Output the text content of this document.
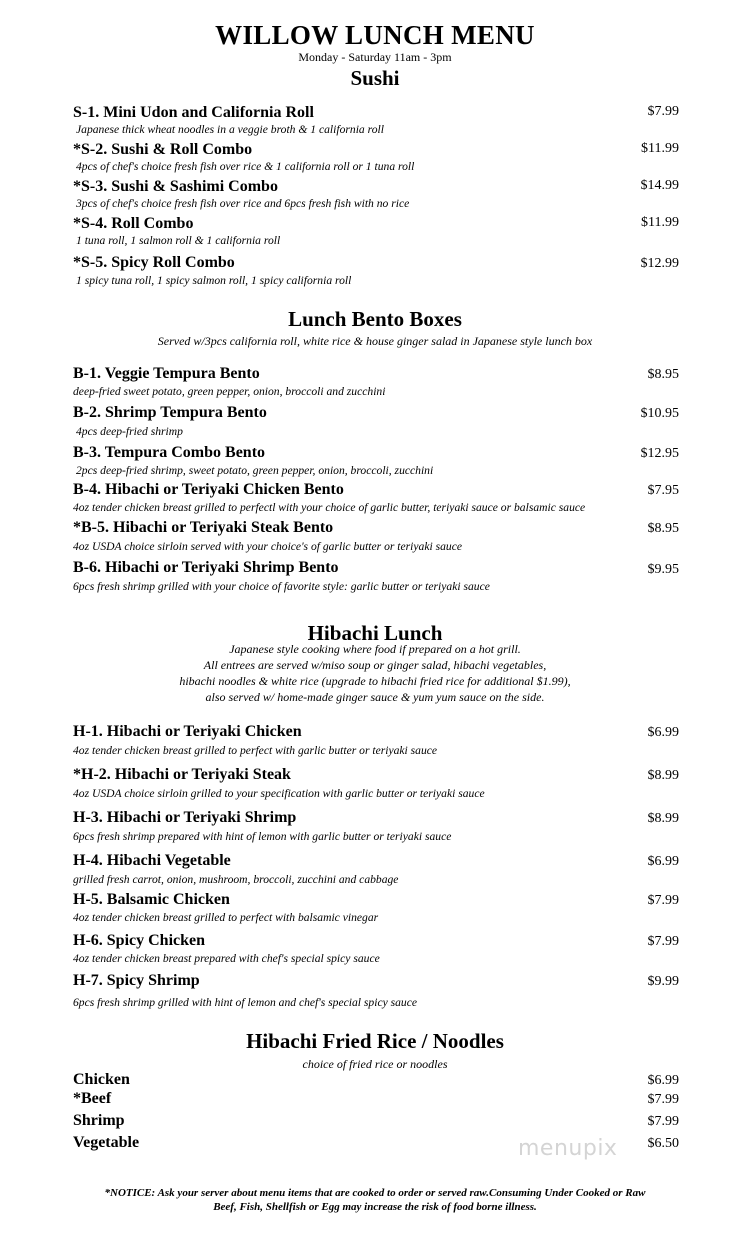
WILLOW LUNCH MENU
Monday - Saturday 11am - 3pm
Sushi
S-1. Mini Udon and California Roll	$7.99
Japanese thick wheat noodles in a veggie broth & 1 california roll
*S-2. Sushi & Roll Combo	$11.99
4pcs of chef's choice fresh fish over rice & 1 california roll or 1 tuna roll
*S-3. Sushi & Sashimi Combo	$14.99
3pcs of chef's choice fresh fish over rice and 6pcs fresh fish with no rice
*S-4. Roll Combo	$11.99
1 tuna roll, 1 salmon roll & 1 california roll
*S-5. Spicy Roll Combo	$12.99
1 spicy tuna roll, 1 spicy salmon roll, 1 spicy california roll
Lunch Bento Boxes
Served w/3pcs california roll, white rice & house ginger salad in Japanese style lunch box
B-1. Veggie Tempura Bento	$8.95
deep-fried sweet potato, green pepper, onion, broccoli and zucchini
B-2. Shrimp Tempura Bento	$10.95
4pcs deep-fried shrimp
B-3. Tempura Combo Bento	$12.95
2pcs deep-fried shrimp, sweet potato, green pepper, onion, broccoli, zucchini
B-4. Hibachi or Teriyaki Chicken Bento	$7.95
4oz tender chicken breast grilled to perfectl with your choice of garlic butter, teriyaki sauce or balsamic sauce
*B-5. Hibachi or Teriyaki Steak Bento	$8.95
4oz USDA choice sirloin served with your choice's of garlic butter or teriyaki sauce
B-6. Hibachi or Teriyaki Shrimp Bento	$9.95
6pcs fresh shrimp grilled with your choice of favorite style: garlic butter or teriyaki sauce
Hibachi Lunch
Japanese style cooking where food if prepared on a hot grill.
All entrees are served w/miso soup or ginger salad, hibachi vegetables,
hibachi noodles & white rice (upgrade to hibachi fried rice for additional $1.99),
also served w/ home-made ginger sauce & yum yum sauce on the side.
H-1. Hibachi or Teriyaki Chicken	$6.99
4oz tender chicken breast grilled to perfect with garlic butter or teriyaki sauce
*H-2. Hibachi or Teriyaki Steak	$8.99
4oz USDA choice sirloin grilled to your specification with garlic butter or teriyaki sauce
H-3. Hibachi or Teriyaki Shrimp	$8.99
6pcs fresh shrimp prepared with hint of lemon with garlic butter or teriyaki sauce
H-4. Hibachi Vegetable	$6.99
grilled fresh carrot, onion, mushroom, broccoli, zucchini and cabbage
H-5. Balsamic Chicken	$7.99
4oz tender chicken breast grilled to perfect with balsamic vinegar
H-6. Spicy Chicken	$7.99
4oz tender chicken breast prepared with chef's special spicy sauce
H-7. Spicy Shrimp	$9.99
6pcs fresh shrimp grilled with hint of lemon and chef's special spicy sauce
Hibachi Fried Rice / Noodles
choice of fried rice or noodles
Chicken	$6.99
*Beef	$7.99
Shrimp	$7.99
Vegetable	$6.50
menupix
*NOTICE: Ask your server about menu items that are cooked to order or served raw.Consuming Under Cooked or Raw
Beef, Fish, Shellfish or Egg may increase the risk of food borne illness.
